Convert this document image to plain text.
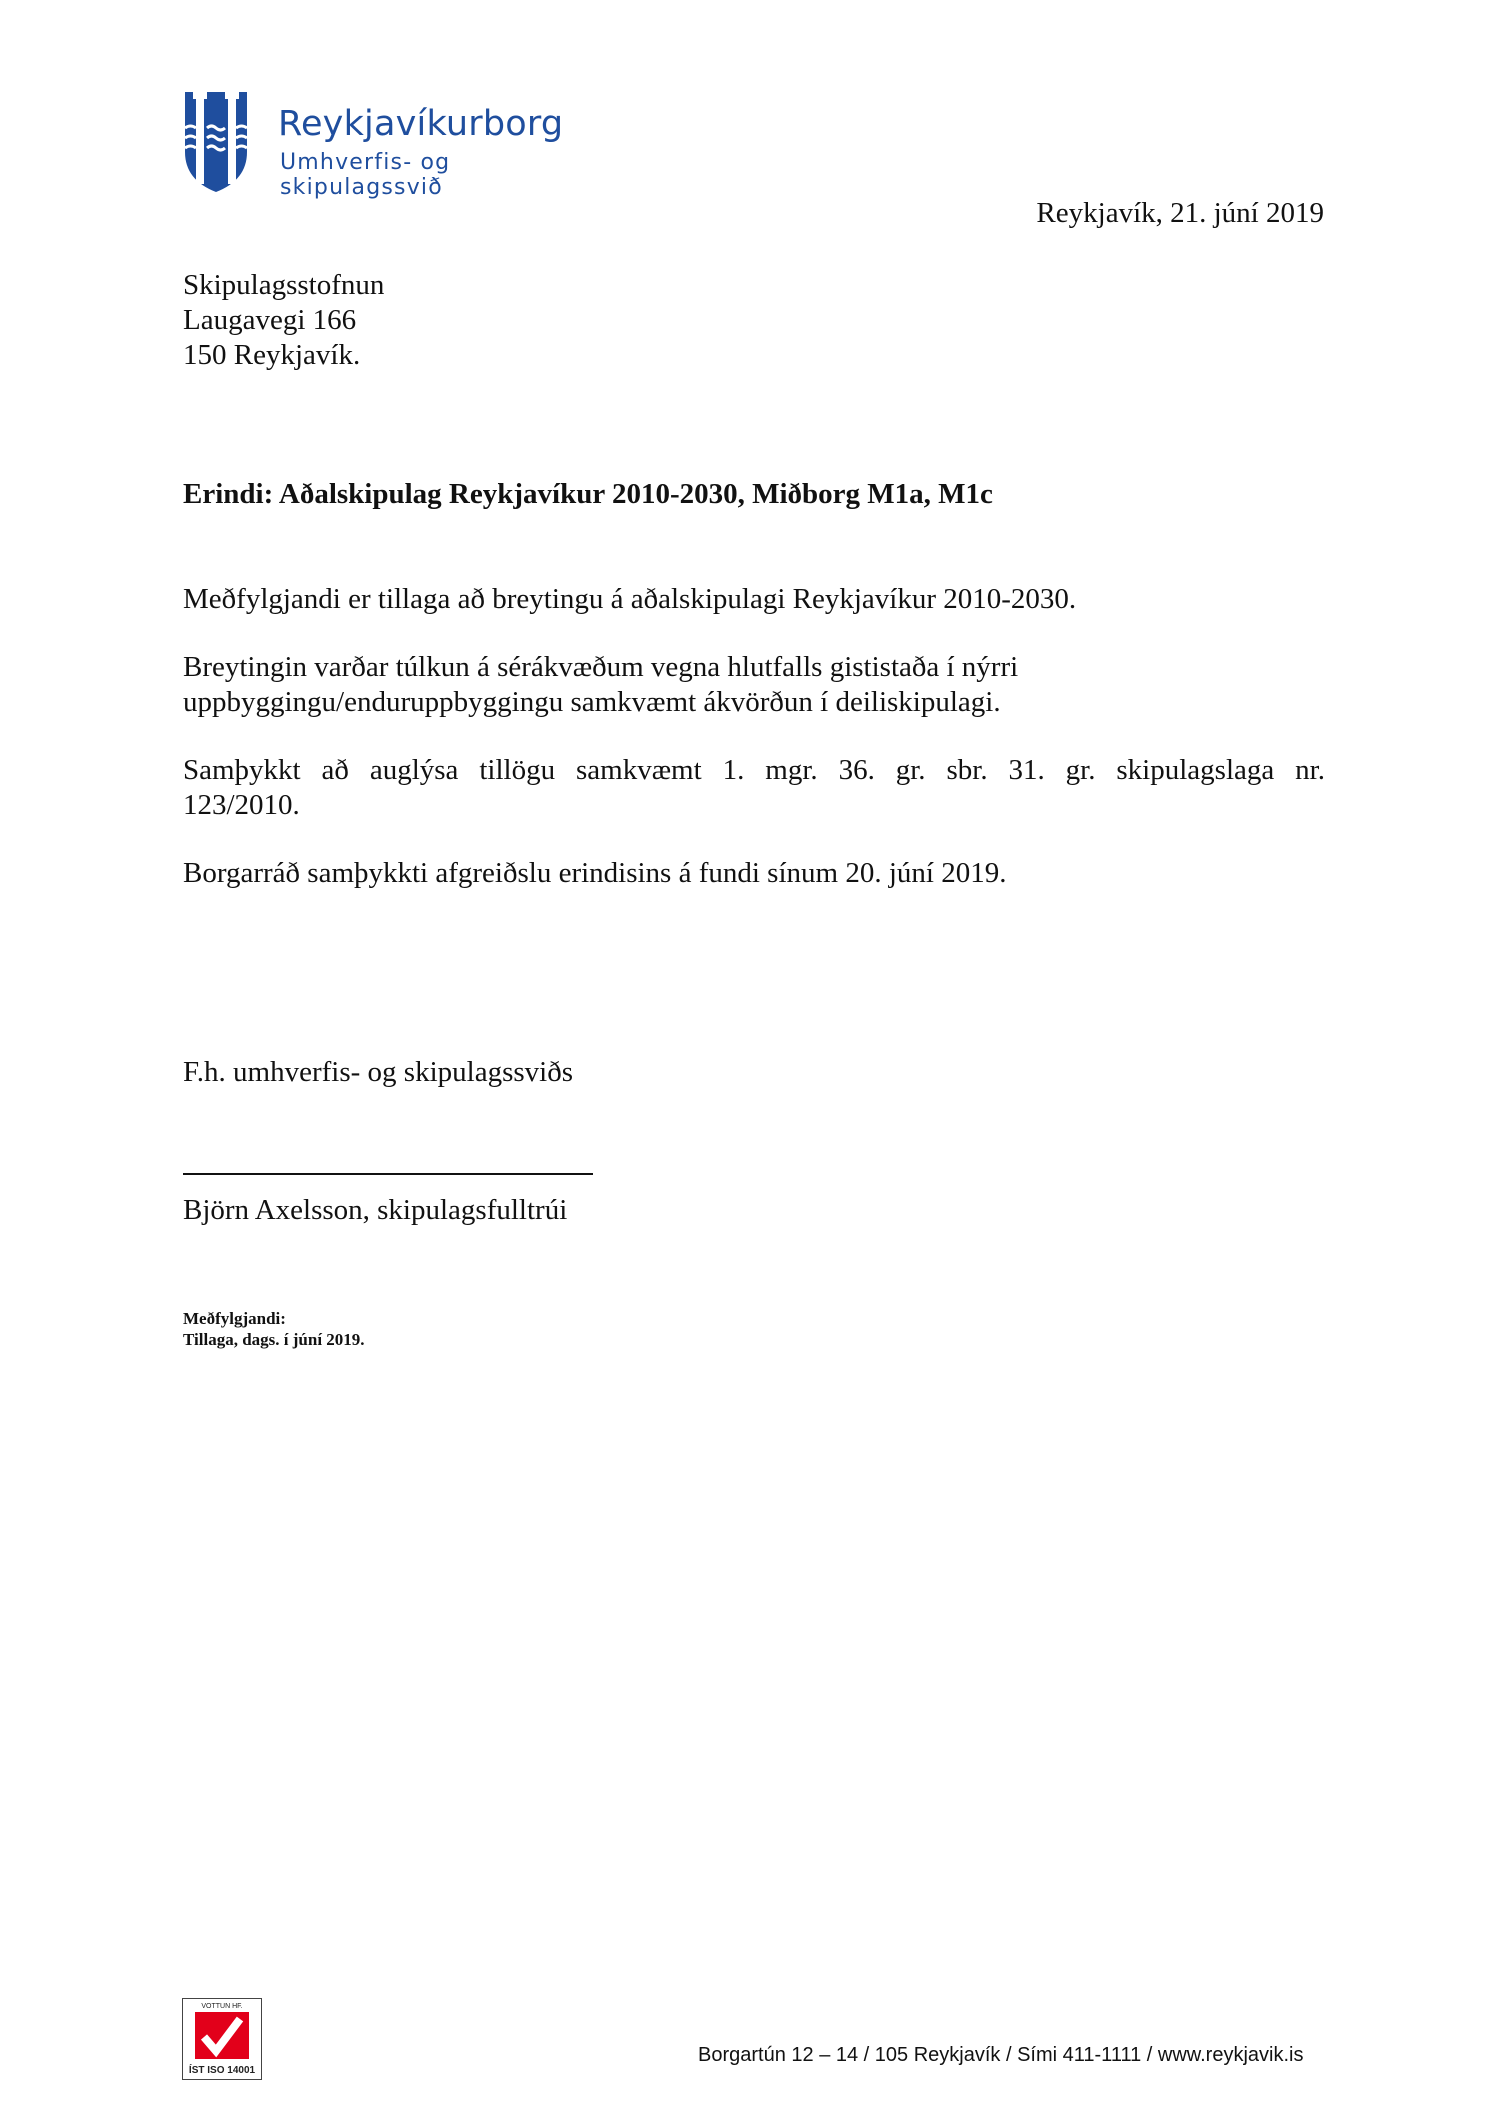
Reykjavíkurborg
Umhverfis- og skipulagssvið
Reykjavík, 21. júní 2019
Skipulagsstofnun
Laugavegi 166
150 Reykjavík.
Erindi: Aðalskipulag Reykjavíkur 2010-2030, Miðborg M1a, M1c

Meðfylgjandi er tillaga að breytingu á aðalskipulagi Reykjavíkur 2010-2030.

Breytingin varðar túlkun á sérákvæðum vegna hlutfalls gististaða í nýrri uppbyggingu/enduruppbyggingu samkvæmt ákvörðun í deiliskipulagi.

Samþykkt að auglýsa tillögu samkvæmt 1. mgr. 36. gr. sbr. 31. gr. skipulagslaga nr. 123/2010.

Borgarráð samþykkti afgreiðslu erindisins á fundi sínum 20. júní 2019.

F.h. umhverfis- og skipulagssviðs
Björn Axelsson, skipulagsfulltrúi
Meðfylgjandi:
Tillaga, dags. í júní 2019.
VOTTUN HF.
ÍST ISO 14001
Borgartún 12 – 14 / 105 Reykjavík / Sími 411-1111 / www.reykjavik.is
